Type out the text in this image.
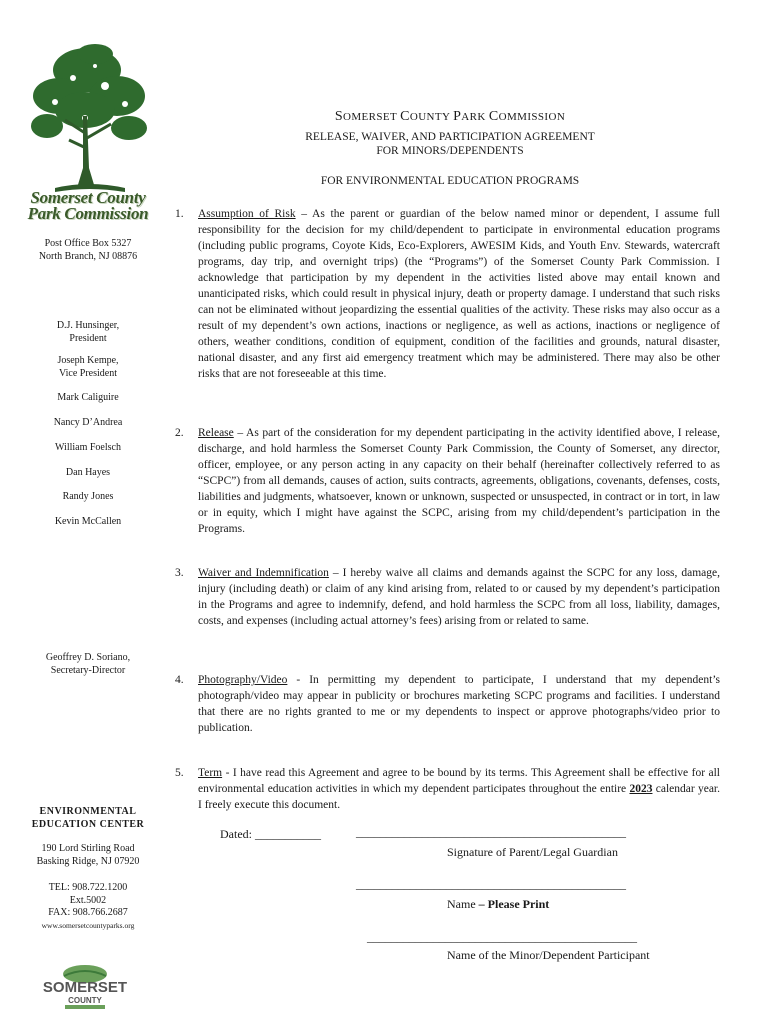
Somerset County
Park Commission
Post Office Box 5327
North Branch, NJ 08876
D.J. Hunsinger,
President
Joseph Kempe,
Vice President
Mark Caliguire
Nancy D’Andrea
William Foelsch
Dan Hayes
Randy Jones
Kevin McCallen
Geoffrey D. Soriano,
Secretary-Director
ENVIRONMENTAL
EDUCATION CENTER
190 Lord Stirling Road
Basking Ridge, NJ 07920
TEL: 908.722.1200
Ext.5002
FAX: 908.766.2687
www.somersetcountyparks.org
SOMERSET
COUNTY
SOMERSET COUNTY PARK COMMISSION
RELEASE, WAIVER, AND PARTICIPATION AGREEMENT
FOR MINORS/DEPENDENTS
FOR ENVIRONMENTAL EDUCATION PROGRAMS
1. Assumption of Risk – As the parent or guardian of the below named minor or dependent, I assume full responsibility for the decision for my child/dependent to participate in environmental education programs (including public programs, Coyote Kids, Eco-Explorers, AWESIM Kids, and Youth Env. Stewards, watercraft programs, day trip, and overnight trips) (the “Programs”) of the Somerset County Park Commission. I acknowledge that participation by my dependent in the activities listed above may entail known and unanticipated risks, which could result in physical injury, death or property damage. I understand that such risks can not be eliminated without jeopardizing the essential qualities of the activity. These risks may also occur as a result of my dependent’s own actions, inactions or negligence, as well as actions, inactions or negligence of others, weather conditions, condition of equipment, condition of the facilities and grounds, natural disaster, national disaster, and any first aid emergency treatment which may be administered. There may also be other risks that are not foreseeable at this time.
2. Release – As part of the consideration for my dependent participating in the activity identified above, I release, discharge, and hold harmless the Somerset County Park Commission, the County of Somerset, any director, officer, employee, or any person acting in any capacity on their behalf (hereinafter collectively referred to as “SCPC”) from all demands, causes of action, suits contracts, agreements, obligations, covenants, defenses, costs, liabilities and judgments, whatsoever, known or unknown, suspected or unsuspected, in contract or in tort, in law or in equity, which I might have against the SCPC, arising from my child/dependent’s participation in the Programs.
3. Waiver and Indemnification – I hereby waive all claims and demands against the SCPC for any loss, damage, injury (including death) or claim of any kind arising from, related to or caused by my dependent’s participation in the Programs and agree to indemnify, defend, and hold harmless the SCPC from all loss, liability, damages, costs, and expenses (including actual attorney’s fees) arising from or related to same.
4. Photography/Video - In permitting my dependent to participate, I understand that my dependent’s photograph/video may appear in publicity or brochures marketing SCPC programs and facilities. I understand that there are no rights granted to me or my dependents to inspect or approve photographs/video prior to publication.
5. Term - I have read this Agreement and agree to be bound by its terms. This Agreement shall be effective for all environmental education activities in which my dependent participates throughout the entire 2023 calendar year. I freely execute this document.
Dated: ___________	_____________________________________________
Signature of Parent/Legal Guardian
_____________________________________________
Name – Please Print
_____________________________________________
Name of the Minor/Dependent Participant
